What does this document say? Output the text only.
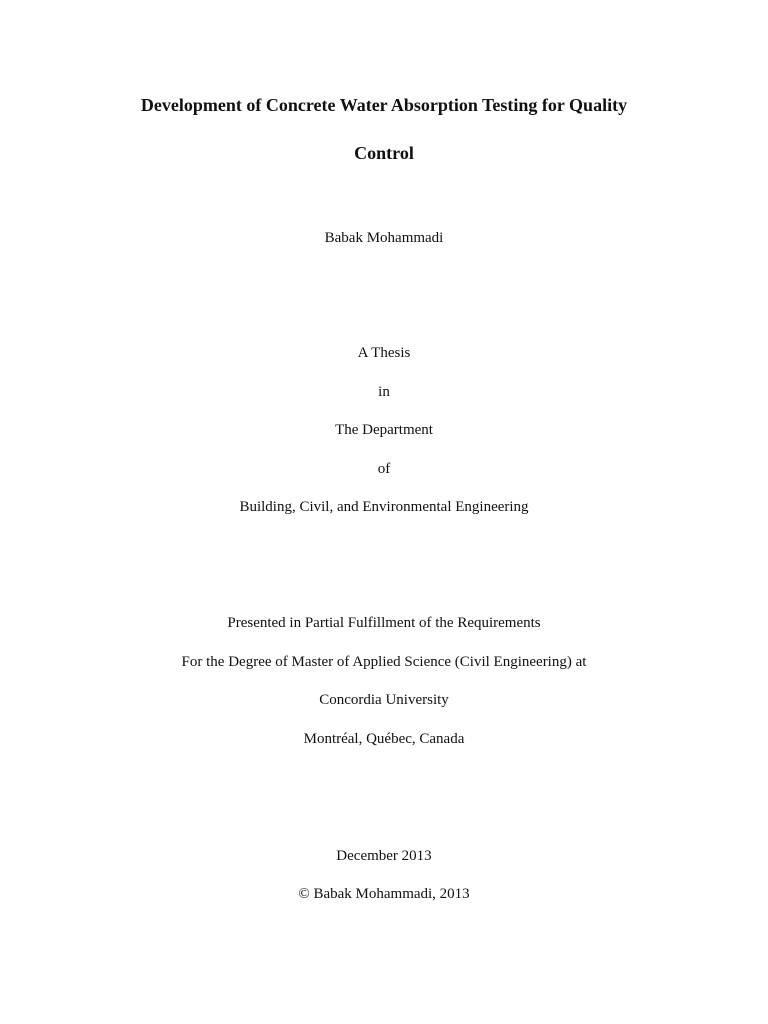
Development of Concrete Water Absorption Testing for Quality
Control
Babak Mohammadi
A Thesis
in
The Department
of
Building, Civil, and Environmental Engineering
Presented in Partial Fulfillment of the Requirements
For the Degree of Master of Applied Science (Civil Engineering) at
Concordia University
Montréal, Québec, Canada
December 2013
© Babak Mohammadi, 2013
